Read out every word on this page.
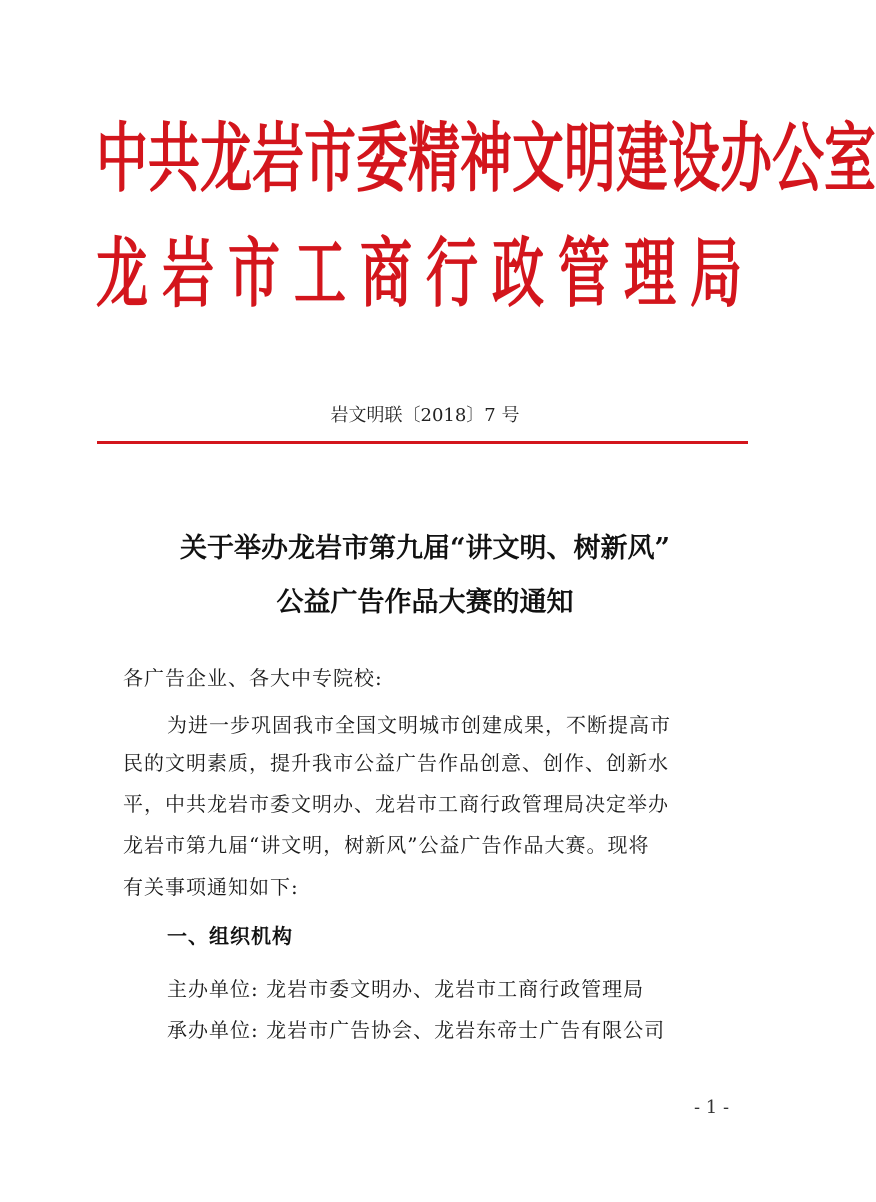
中共龙岩市委精神文明建设办公室
龙岩市工商行政管理局
岩文明联〔2018〕7 号
关于举办龙岩市第九届“讲文明、树新风”
公益广告作品大赛的通知
各广告企业、各大中专院校:
为进一步巩固我市全国文明城市创建成果，不断提高市
民的文明素质，提升我市公益广告作品创意、创作、创新水
平，中共龙岩市委文明办、龙岩市工商行政管理局决定举办
龙岩市第九届“讲文明，树新风”公益广告作品大赛。现将
有关事项通知如下:
一、组织机构
主办单位: 龙岩市委文明办、龙岩市工商行政管理局
承办单位: 龙岩市广告协会、龙岩东帝士广告有限公司
- 1 -
